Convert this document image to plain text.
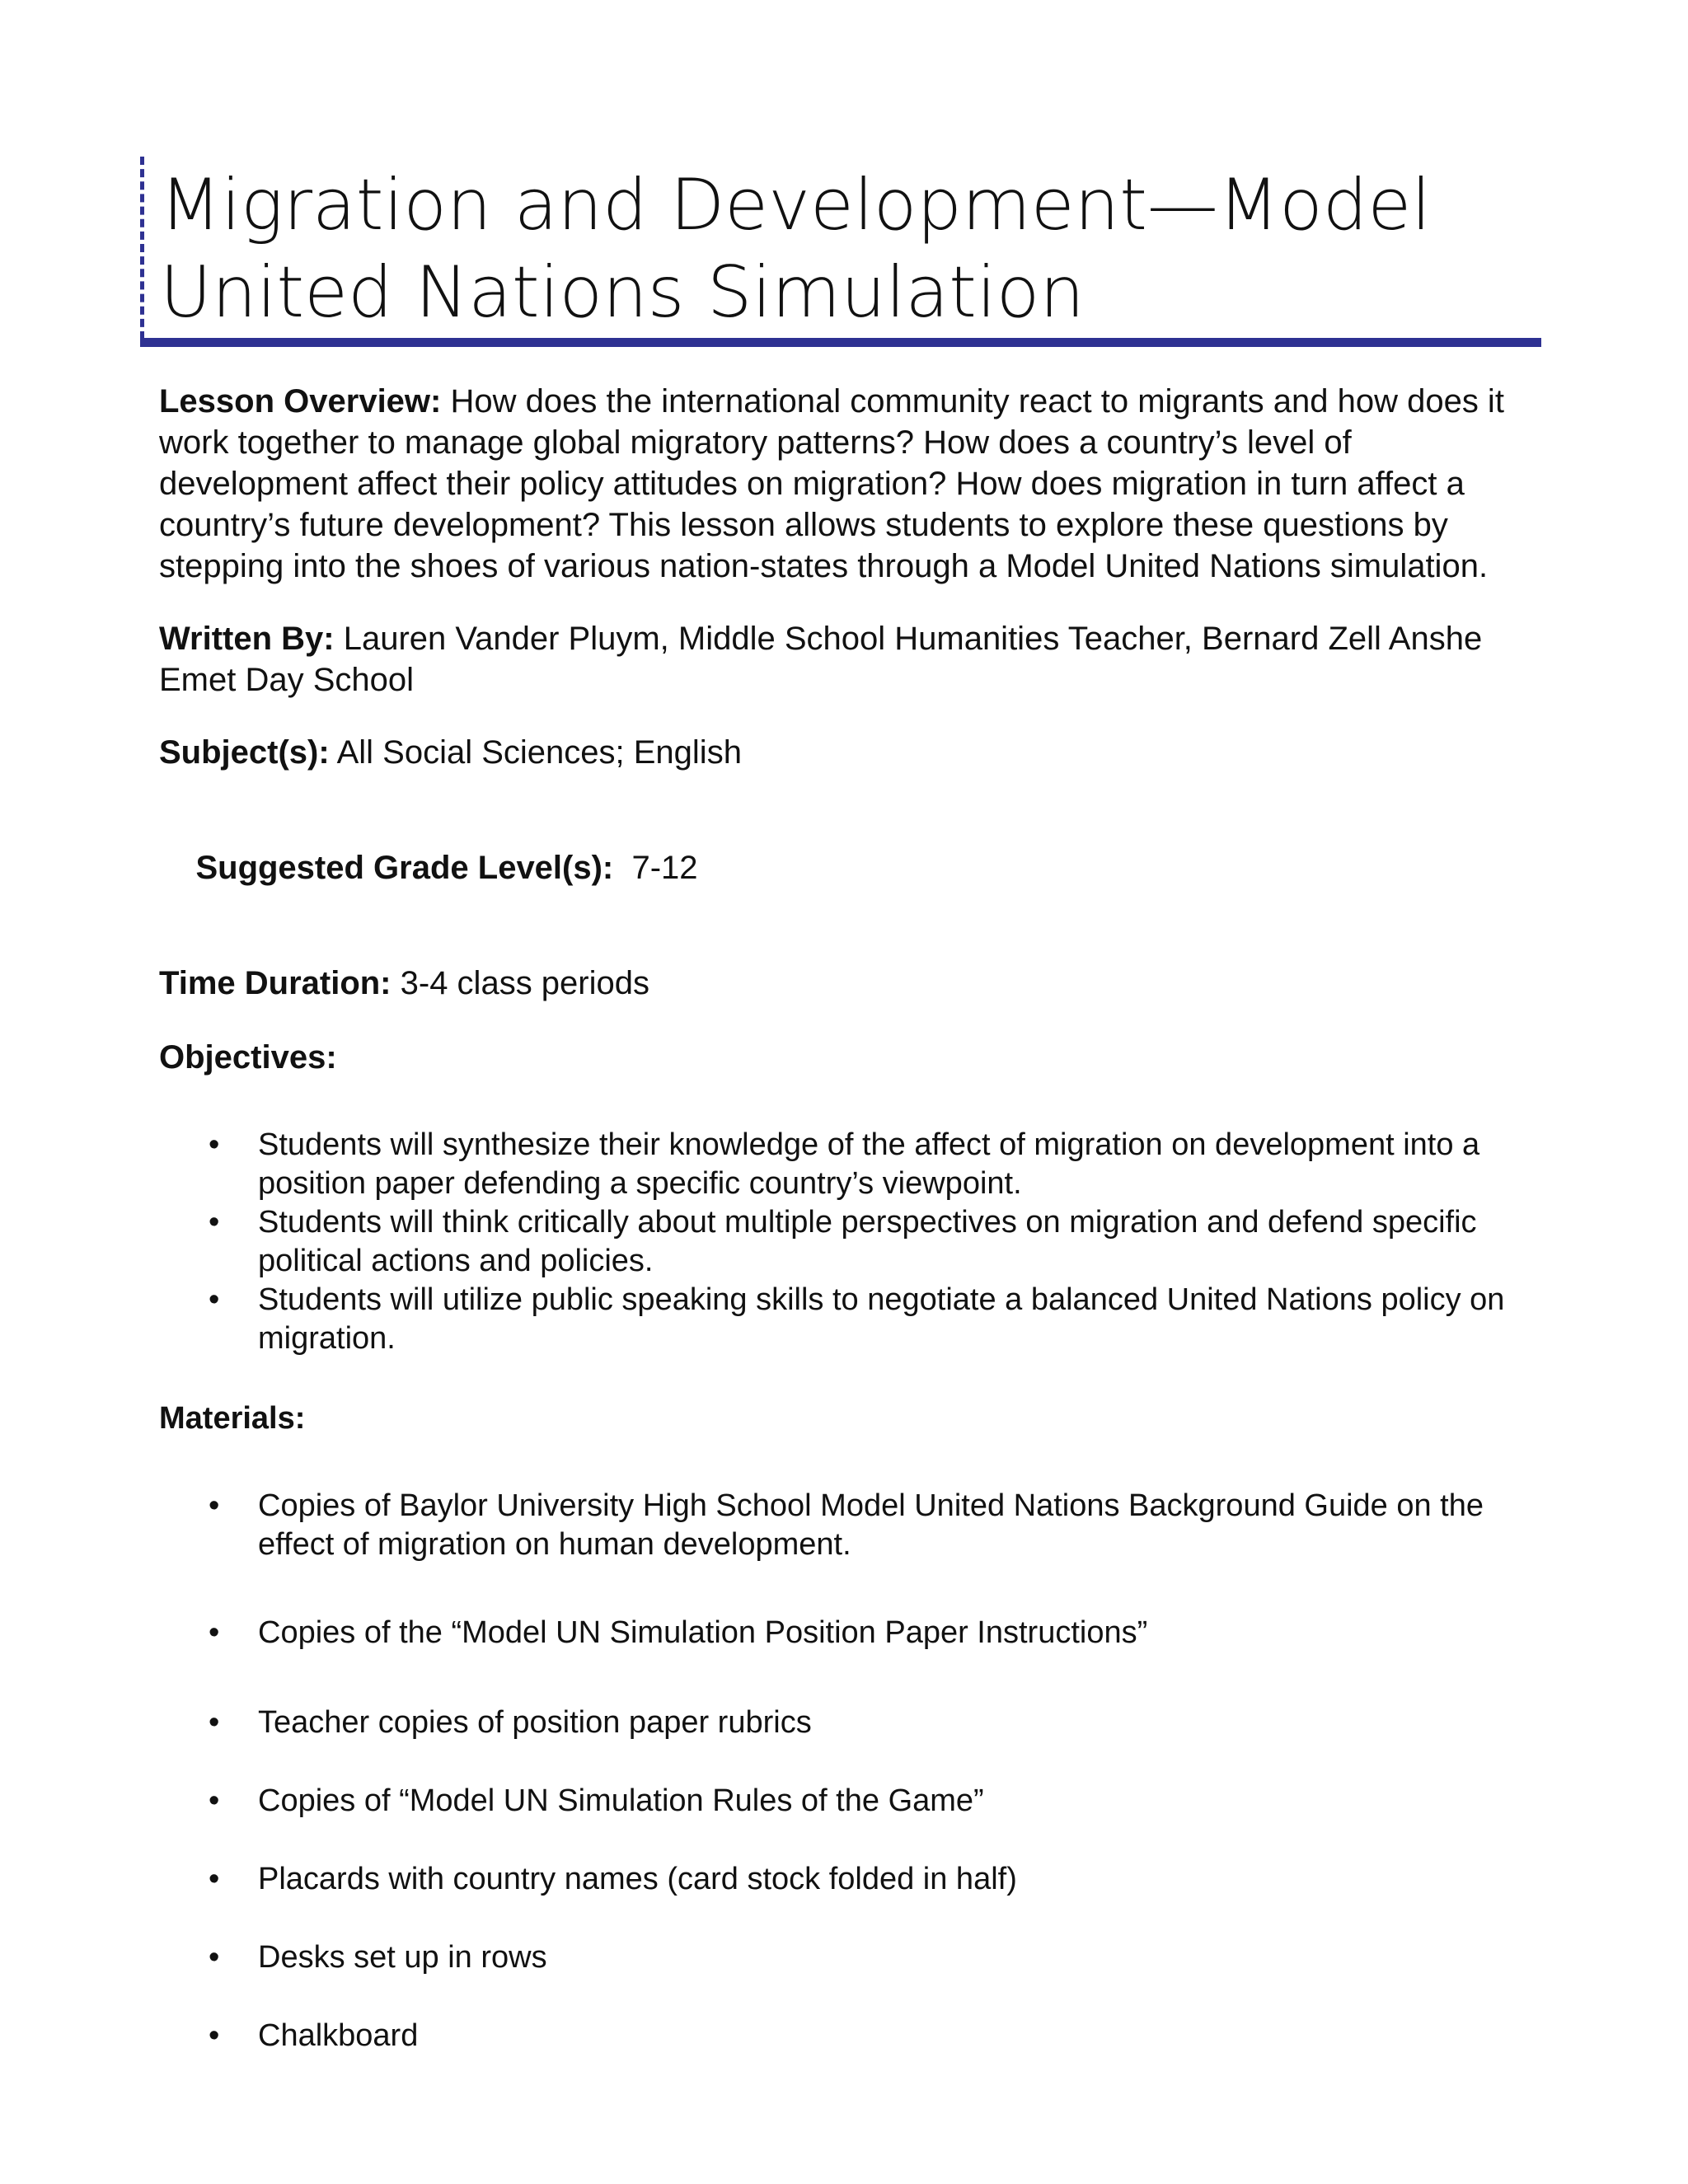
Migration and Development—Model
United Nations Simulation

Lesson Overview: How does the international community react to migrants and how does it work together to manage global migratory patterns? How does a country’s level of development affect their policy attitudes on migration? How does migration in turn affect a country’s future development? This lesson allows students to explore these questions by stepping into the shoes of various nation-states through a Model United Nations simulation.

Written By: Lauren Vander Pluym, Middle School Humanities Teacher, Bernard Zell Anshe Emet Day School

Subject(s): All Social Sciences; English

Suggested Grade Level(s):  7-12

Time Duration: 3-4 class periods

Objectives:

• Students will synthesize their knowledge of the affect of migration on development into a position paper defending a specific country’s viewpoint.
• Students will think critically about multiple perspectives on migration and defend specific political actions and policies.
• Students will utilize public speaking skills to negotiate a balanced United Nations policy on migration.

Materials:

• Copies of Baylor University High School Model United Nations Background Guide on the effect of migration on human development.
• Copies of the “Model UN Simulation Position Paper Instructions”
• Teacher copies of position paper rubrics
• Copies of “Model UN Simulation Rules of the Game”
• Placards with country names (card stock folded in half)
• Desks set up in rows
• Chalkboard
